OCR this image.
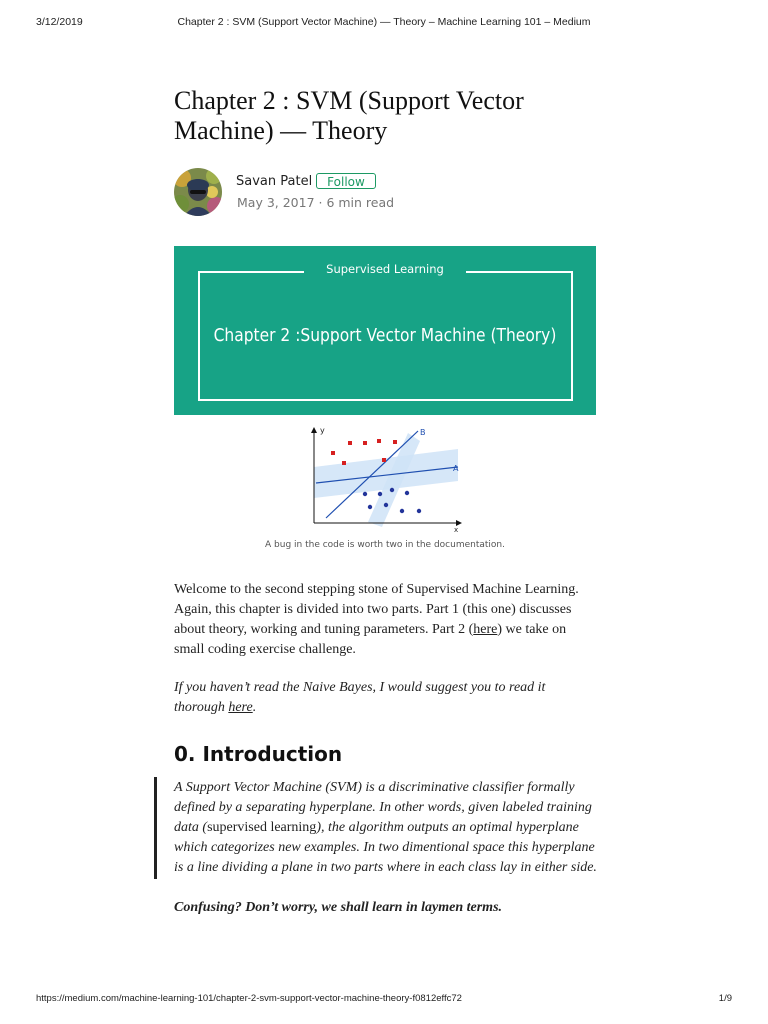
3/12/2019	Chapter 2 : SVM (Support Vector Machine) — Theory – Machine Learning 101 – Medium
Chapter 2 : SVM (Support Vector Machine) — Theory
Savan Patel	Follow
May 3, 2017 · 6 min read
Supervised Learning
Chapter 2 :Support Vector Machine (Theory)
y
x
B
A
A bug in the code is worth two in the documentation.

Welcome to the second stepping stone of Supervised Machine Learning. Again, this chapter is divided into two parts. Part 1 (this one) discusses about theory, working and tuning parameters. Part 2 (here) we take on small coding exercise challenge.

If you haven’t read the Naive Bayes, I would suggest you to read it thorough here.

0. Introduction

A Support Vector Machine (SVM) is a discriminative classifier formally defined by a separating hyperplane. In other words, given labeled training data (supervised learning), the algorithm outputs an optimal hyperplane which categorizes new examples. In two dimentional space this hyperplane is a line dividing a plane in two parts where in each class lay in either side.

Confusing? Don’t worry, we shall learn in laymen terms.

https://medium.com/machine-learning-101/chapter-2-svm-support-vector-machine-theory-f0812effc72	1/9
